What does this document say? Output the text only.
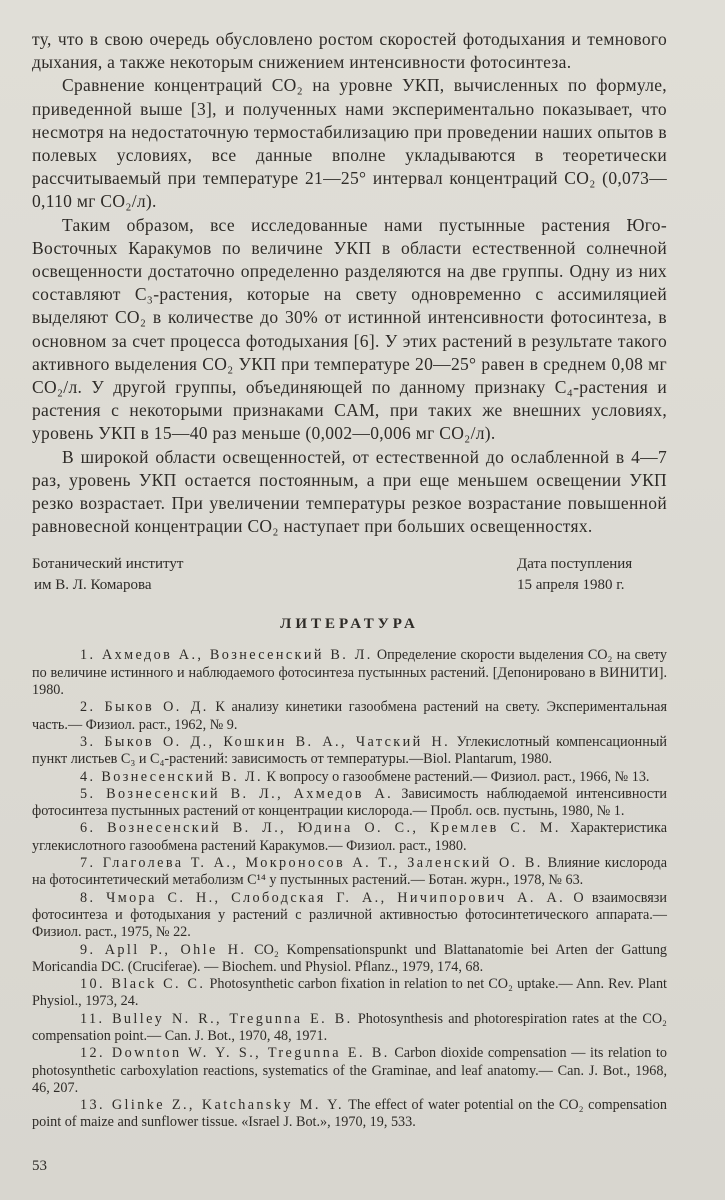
ту, что в свою очередь обусловлено ростом скоростей фотодыхания и темнового дыхания, а также некоторым снижением интенсивности фотосинтеза.

Сравнение концентраций CO₂ на уровне УКП, вычисленных по формуле, приведенной выше [3], и полученных нами экспериментально показывает, что несмотря на недостаточную термостабилизацию при проведении наших опытов в полевых условиях, все данные вполне укладываются в теоретически рассчитываемый при температуре 21—25° интервал концентраций CO₂ (0,073—0,110 мг CO₂/л).

Таким образом, все исследованные нами пустынные растения Юго-Восточных Каракумов по величине УКП в области естественной солнечной освещенности достаточно определенно разделяются на две группы. Одну из них составляют C₃-растения, которые на свету одновременно с ассимиляцией выделяют CO₂ в количестве до 30% от истинной интенсивности фотосинтеза, в основном за счет процесса фотодыхания [6]. У этих растений в результате такого активного выделения CO₂ УКП при температуре 20—25° равен в среднем 0,08 мг CO₂/л. У другой группы, объединяющей по данному признаку C₄-растения и растения с некоторыми признаками CAM, при таких же внешних условиях, уровень УКП в 15—40 раз меньше (0,002—0,006 мг CO₂/л).

В широкой области освещенностей, от естественной до ослабленной в 4—7 раз, уровень УКП остается постоянным, а при еще меньшем освещении УКП резко возрастает. При увеличении температуры резкое возрастание повышенной равновесной концентрации CO₂ наступает при больших освещенностях.

Ботанический институт
им В. Л. Комарова
Дата поступления
15 апреля 1980 г.
ЛИТЕРАТУРА

1. Ахмедов А., Вознесенский В. Л. Определение скорости выделения CO₂ на свету по величине истинного и наблюдаемого фотосинтеза пустынных растений. [Депонировано в ВИНИТИ]. 1980.

2. Быков О. Д. К анализу кинетики газообмена растений на свету. Экспериментальная часть.— Физиол. раст., 1962, № 9.

3. Быков О. Д., Кошкин В. А., Чатский Н. Углекислотный компенсационный пункт листьев C₃ и C₄-растений: зависимость от температуры.—Biol. Plantarum, 1980.

4. Вознесенский В. Л. К вопросу о газообмене растений.— Физиол. раст., 1966, № 13.

5. Вознесенский В. Л., Ахмедов А. Зависимость наблюдаемой интенсивности фотосинтеза пустынных растений от концентрации кислорода.— Пробл. осв. пустынь, 1980, № 1.

6. Вознесенский В. Л., Юдина О. С., Кремлев С. М. Характеристика углекислотного газообмена растений Каракумов.— Физиол. раст., 1980.

7. Глаголева Т. А., Мокроносов А. Т., Заленский О. В. Влияние кислорода на фотосинтетический метаболизм C¹⁴ у пустынных растений.— Ботан. журн., 1978, № 63.

8. Чмора С. Н., Слободская Г. А., Ничипорович А. А. О взаимосвязи фотосинтеза и фотодыхания у растений с различной активностью фотосинтетического аппарата.— Физиол. раст., 1975, № 22.

9. Apll P., Ohle H. CO₂ Kompensationspunkt und Blattanatomie bei Arten der Gattung Moricandia DC. (Cruciferae). — Biochem. und Physiol. Pflanz., 1979, 174, 68.

10. Black C. C. Photosynthetic carbon fixation in relation to net CO₂ uptake.— Ann. Rev. Plant Physiol., 1973, 24.

11. Bulley N. R., Tregunna E. B. Photosynthesis and photorespiration rates at the CO₂ compensation point.— Can. J. Bot., 1970, 48, 1971.

12. Downton W. Y. S., Tregunna E. B. Carbon dioxide compensation — its relation to photosynthetic carboxylation reactions, systematics of the Graminae, and leaf anatomy.— Can. J. Bot., 1968, 46, 207.

13. Glinke Z., Katchansky M. Y. The effect of water potential on the CO₂ compensation point of maize and sunflower tissue. «Israel J. Bot.», 1970, 19, 533.

53
